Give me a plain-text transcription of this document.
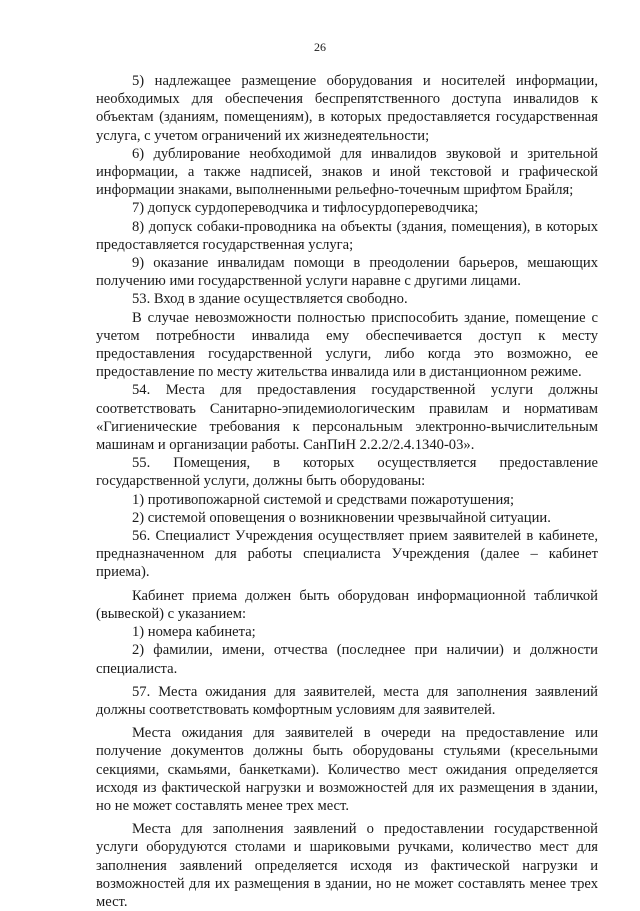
26

5) надлежащее размещение оборудования и носителей информации, необходимых для обеспечения беспрепятственного доступа инвалидов к объектам (зданиям, помещениям), в которых предоставляется государственная услуга, с учетом ограничений их жизнедеятельности;

6) дублирование необходимой для инвалидов звуковой и зрительной информации, а также надписей, знаков и иной текстовой и графической информации знаками, выполненными рельефно-точечным шрифтом Брайля;

7) допуск сурдопереводчика и тифлосурдопереводчика;

8) допуск собаки-проводника на объекты (здания, помещения), в которых предоставляется государственная услуга;

9) оказание инвалидам помощи в преодолении барьеров, мешающих получению ими государственной услуги наравне с другими лицами.

53. Вход в здание осуществляется свободно.

В случае невозможности полностью приспособить здание, помещение с учетом потребности инвалида ему обеспечивается доступ к месту предоставления государственной услуги, либо когда это возможно, ее предоставление по месту жительства инвалида или в дистанционном режиме.

54. Места для предоставления государственной услуги должны соответствовать Санитарно-эпидемиологическим правилам и нормативам «Гигиенические требования к персональным электронно-вычислительным машинам и организации работы. СанПиН 2.2.2/2.4.1340-03».

55. Помещения, в которых осуществляется предоставление государственной услуги, должны быть оборудованы:

1) противопожарной системой и средствами пожаротушения;

2) системой оповещения о возникновении чрезвычайной ситуации.

56. Специалист Учреждения осуществляет прием заявителей в кабинете, предназначенном для работы специалиста Учреждения (далее – кабинет приема).

Кабинет приема должен быть оборудован информационной табличкой (вывеской) с указанием:

1) номера кабинета;

2) фамилии, имени, отчества (последнее при наличии) и должности специалиста.

57. Места ожидания для заявителей, места для заполнения заявлений должны соответствовать комфортным условиям для заявителей.

Места ожидания для заявителей в очереди на предоставление или получение документов должны быть оборудованы стульями (кресельными секциями, скамьями, банкетками). Количество мест ожидания определяется исходя из фактической нагрузки и возможностей для их размещения в здании, но не может составлять менее трех мест.

Места для заполнения заявлений о предоставлении государственной услуги оборудуются столами и шариковыми ручками, количество мест для заполнения заявлений определяется исходя из фактической нагрузки и возможностей для их размещения в здании, но не может составлять менее трех мест.
